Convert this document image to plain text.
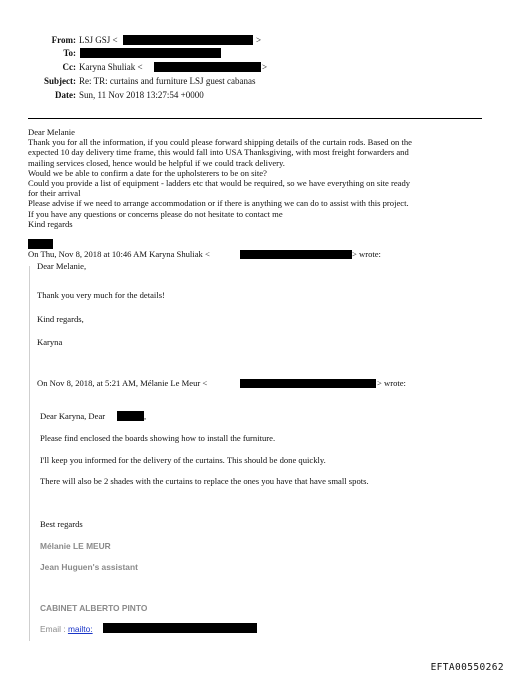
From: LSJ GSJ <	>
To:
Cc: Karyna Shuliak <	>
Subject: Re: TR: curtains and furniture LSJ guest cabanas
Date: Sun, 11 Nov 2018 13:27:54 +0000
Dear Melanie
Thank you for all the information, if you could please forward shipping details of the curtain rods. Based on the
expected 10 day delivery time frame, this would fall into USA Thanksgiving, with most freight forwarders and
mailing services closed, hence would be helpful if we could track delivery.
Would we be able to confirm a date for the upholsterers to be on site?
Could you provide a list of equipment - ladders etc that would be required, so we have everything on site ready
for their arrival
Please advise if we need to arrange accommodation or if there is anything we can do to assist with this project.
If you have any questions or concerns please do not hesitate to contact me
Kind regards
On Thu, Nov 8, 2018 at 10:46 AM Karyna Shuliak <	> wrote:
Dear Melanie,
Thank you very much for the details!
Kind regards,
Karyna
On Nov 8, 2018, at 5:21 AM, Mélanie Le Meur <	> wrote:
Dear Karyna, Dear	,
Please find enclosed the boards showing how to install the furniture.
I'll keep you informed for the delivery of the curtains. This should be done quickly.
There will also be 2 shades with the curtains to replace the ones you have that have small spots.
Best regards
Mélanie LE MEUR
Jean Huguen's assistant
CABINET ALBERTO PINTO
Email : mailto:
EFTA00550262
